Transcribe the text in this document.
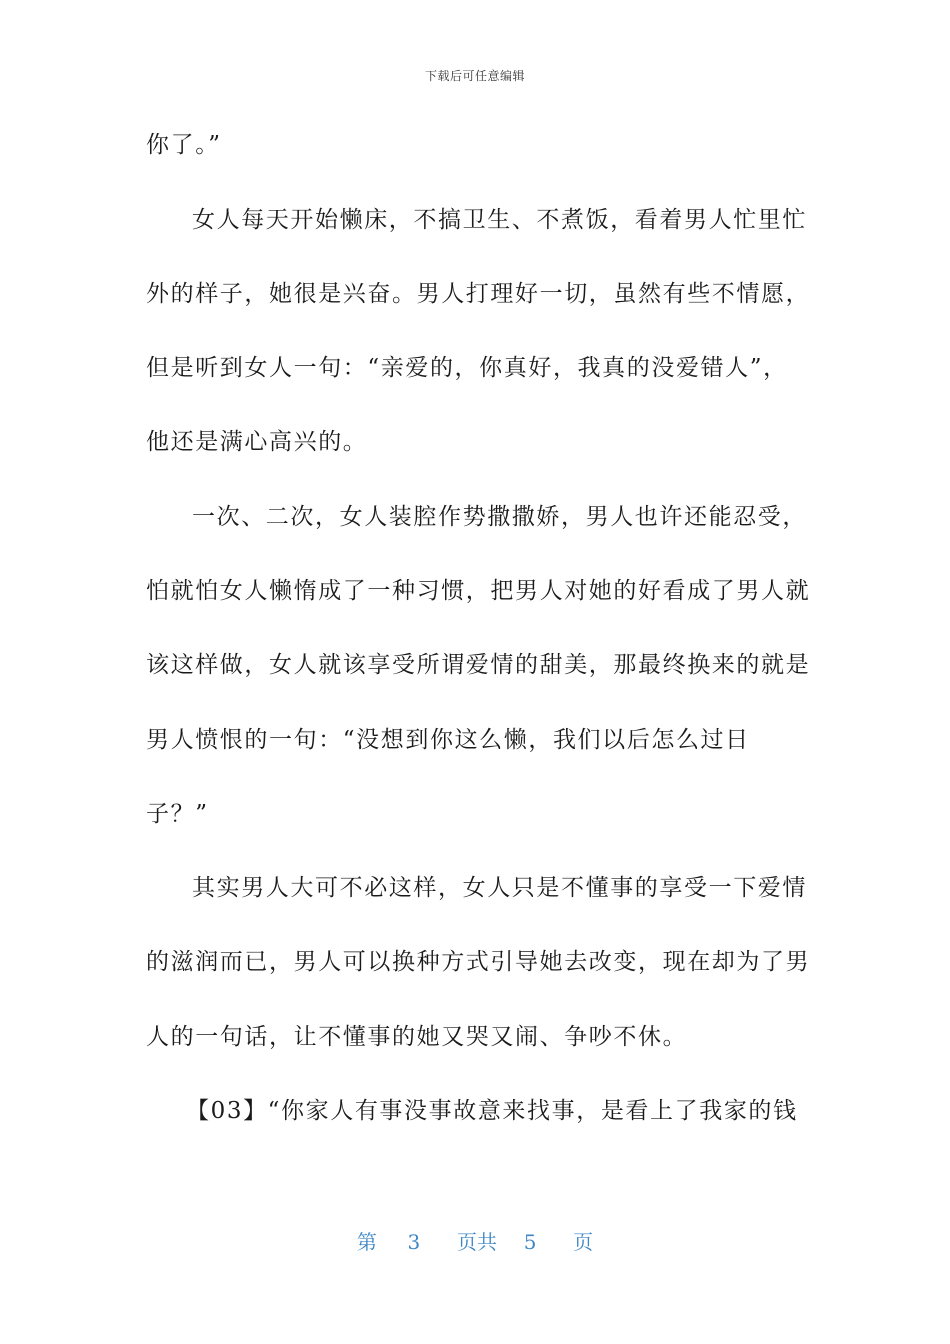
下载后可任意编辑
你了。”
女人每天开始懒床，不搞卫生、不煮饭，看着男人忙里忙
外的样子，她很是兴奋。男人打理好一切，虽然有些不情愿，
但是听到女人一句：“亲爱的，你真好，我真的没爱错人”，
他还是满心高兴的。
一次、二次，女人装腔作势撒撒娇，男人也许还能忍受，
怕就怕女人懒惰成了一种习惯，把男人对她的好看成了男人就
该这样做，女人就该享受所谓爱情的甜美，那最终换来的就是
男人愤恨的一句：“没想到你这么懒，我们以后怎么过日
子？”
其实男人大可不必这样，女人只是不懂事的享受一下爱情
的滋润而已，男人可以换种方式引导她去改变，现在却为了男
人的一句话，让不懂事的她又哭又闹、争吵不休。
【03】“你家人有事没事故意来找事，是看上了我家的钱
第 3 页共 5 页
